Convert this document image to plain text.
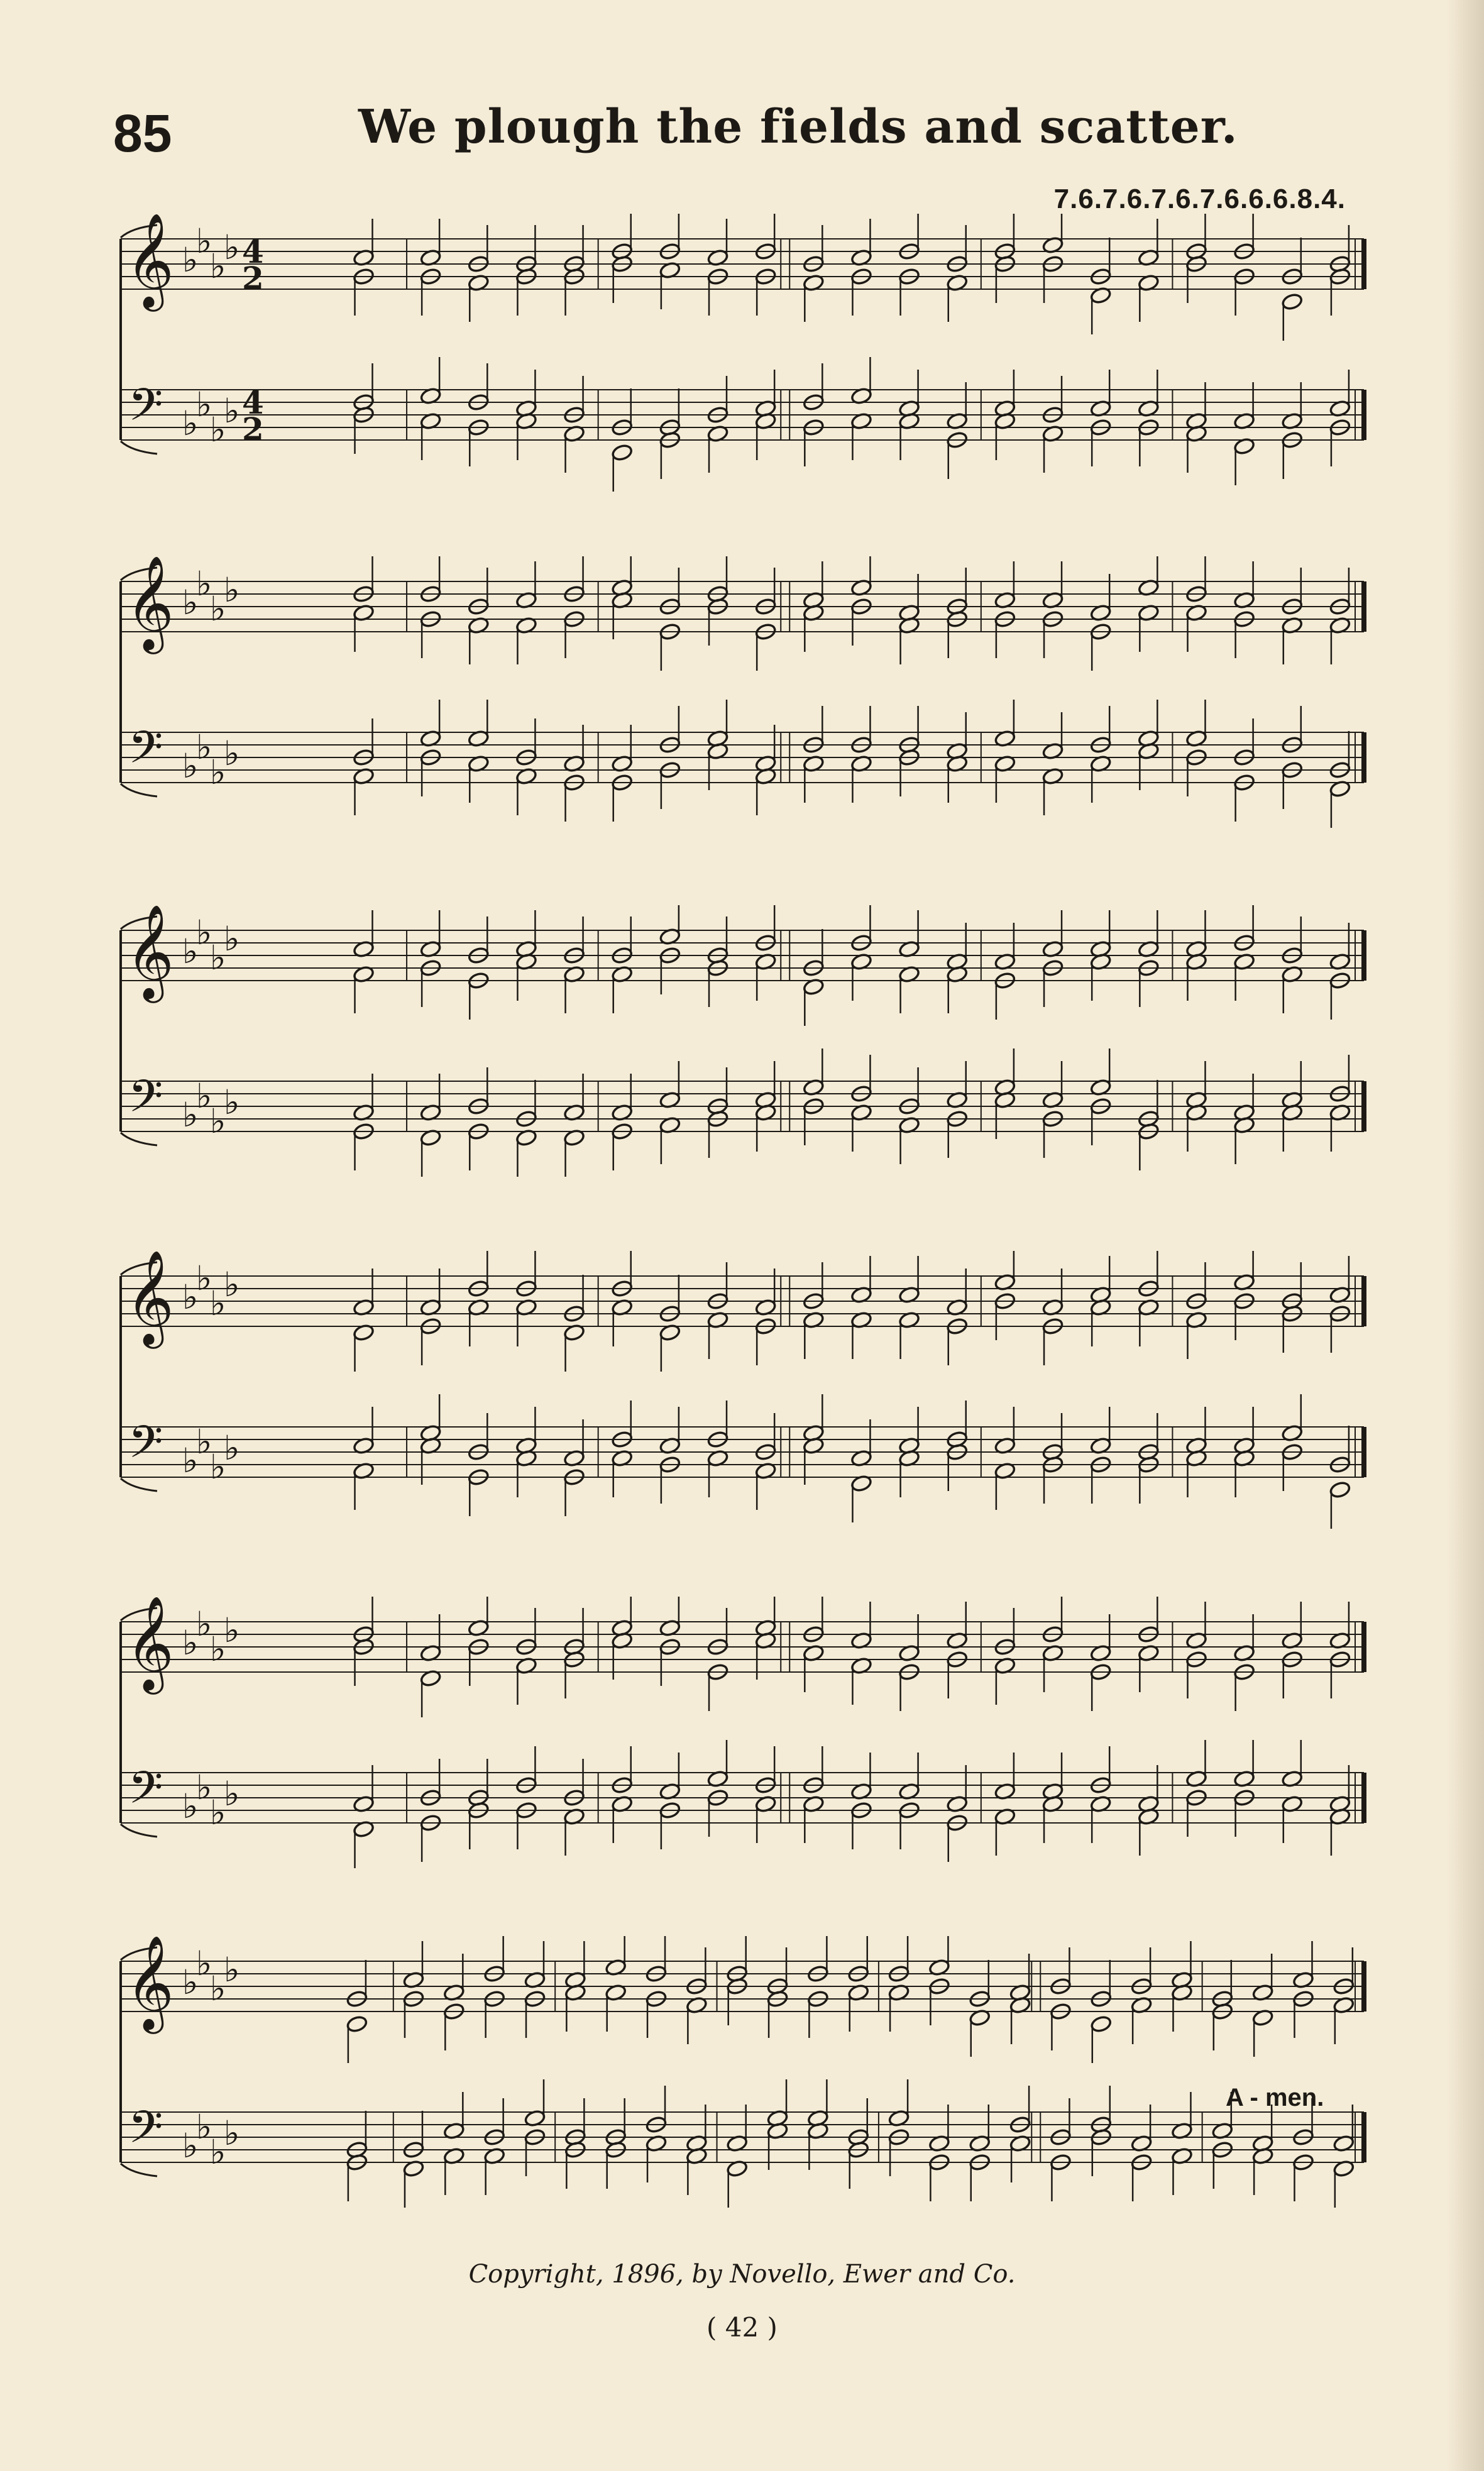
85	We plough the fields and scatter.
7.6.7.6.7.6.7.6.6.6.8.4.
𝄞
𝄢
♭
♭
♭
♭
♭
♭
♭
♭
4
2
4
2
𝄞
𝄢
♭
♭
♭
♭
♭
♭
♭
♭
𝄞
𝄢
♭
♭
♭
♭
♭
♭
♭
♭
𝄞
𝄢
♭
♭
♭
♭
♭
♭
♭
♭
𝄞
𝄢
♭
♭
♭
♭
♭
♭
♭
♭
𝄞
𝄢
♭
♭
♭
♭
♭
♭
♭
♭
A - men.
Copyright, 1896, by Novello, Ewer and Co.
( 42 )
